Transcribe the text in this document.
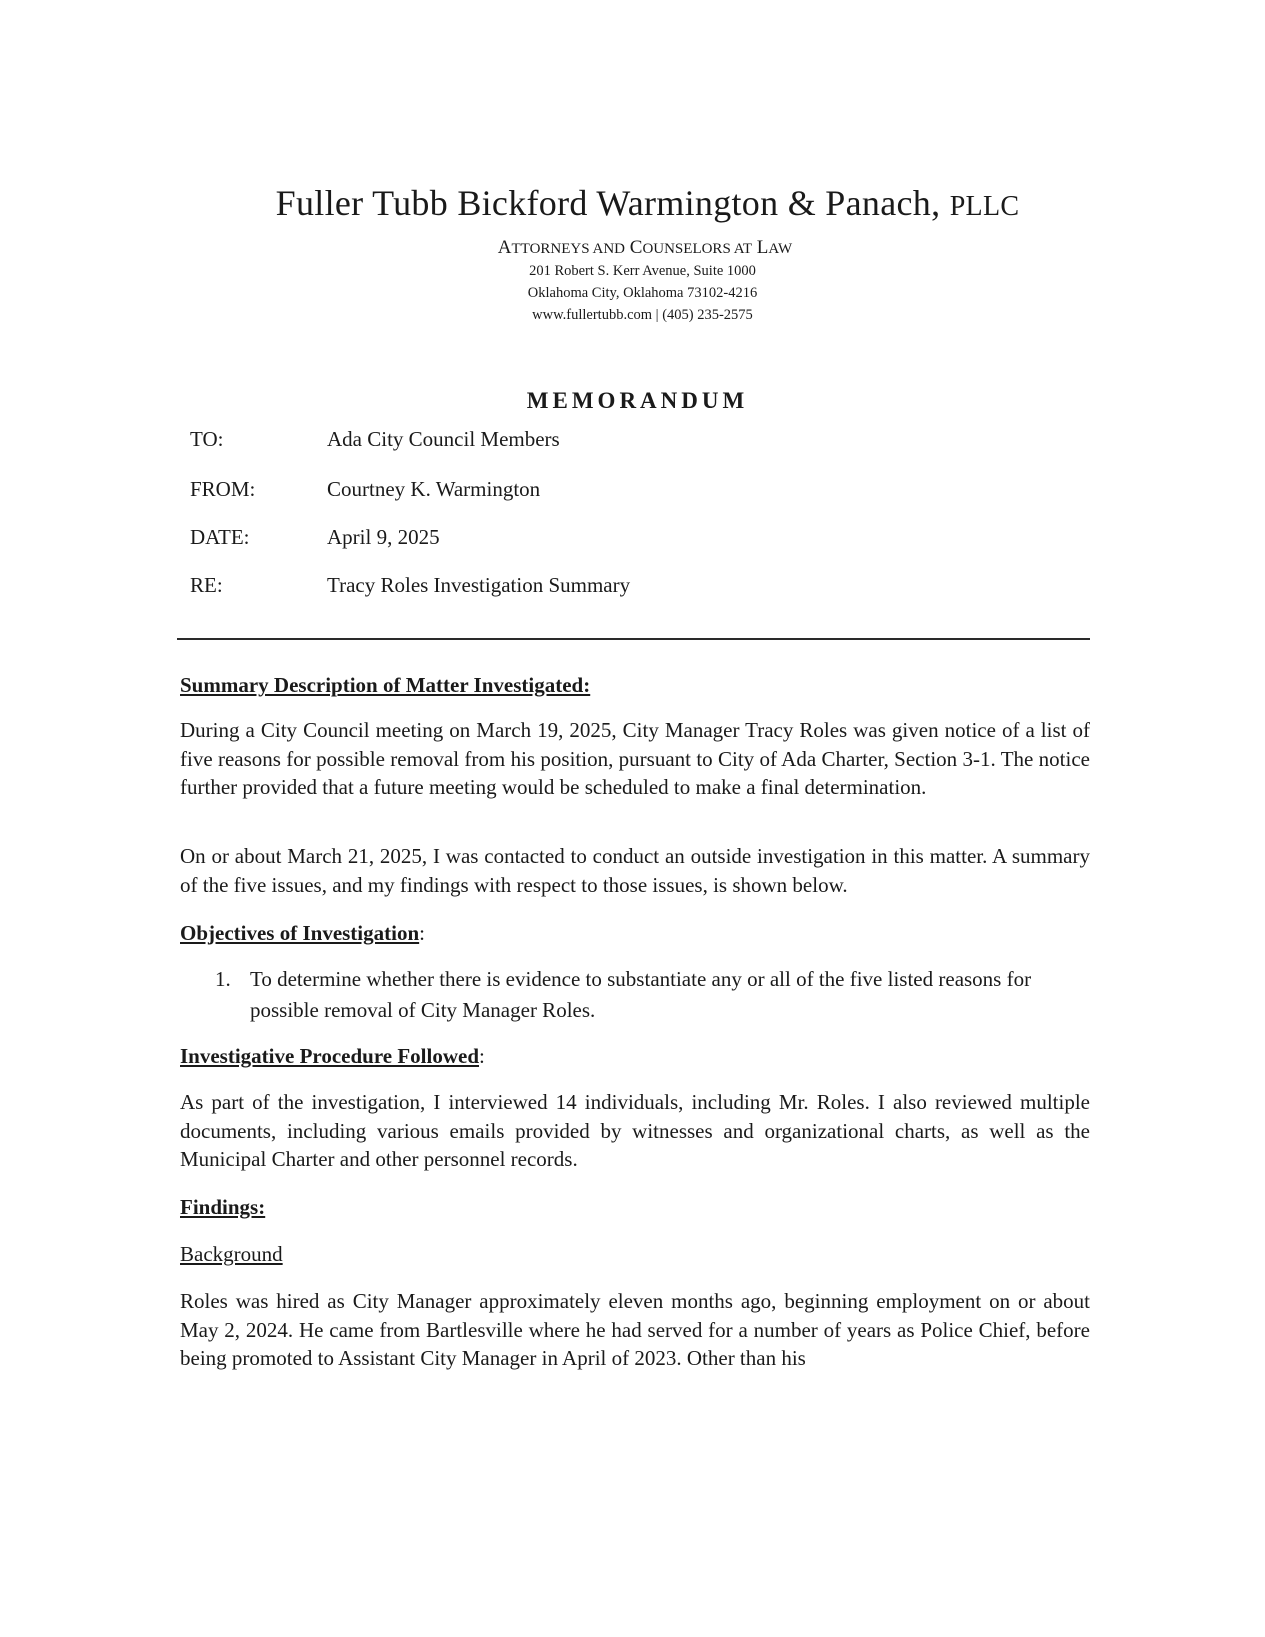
Fuller Tubb Bickford Warmington & Panach, PLLC
ATTORNEYS AND COUNSELORS AT LAW
201 Robert S. Kerr Avenue, Suite 1000
Oklahoma City, Oklahoma 73102-4216
www.fullertubb.com | (405) 235-2575
MEMORANDUM
TO:	Ada City Council Members
FROM:	Courtney K. Warmington
DATE:	April 9, 2025
RE:	Tracy Roles Investigation Summary
Summary Description of Matter Investigated:
During a City Council meeting on March 19, 2025, City Manager Tracy Roles was given notice of a list of five reasons for possible removal from his position, pursuant to City of Ada Charter, Section 3-1. The notice further provided that a future meeting would be scheduled to make a final determination.
On or about March 21, 2025, I was contacted to conduct an outside investigation in this matter. A summary of the five issues, and my findings with respect to those issues, is shown below.
Objectives of Investigation:
1. To determine whether there is evidence to substantiate any or all of the five listed reasons for possible removal of City Manager Roles.
Investigative Procedure Followed:
As part of the investigation, I interviewed 14 individuals, including Mr. Roles. I also reviewed multiple documents, including various emails provided by witnesses and organizational charts, as well as the Municipal Charter and other personnel records.
Findings:
Background
Roles was hired as City Manager approximately eleven months ago, beginning employment on or about May 2, 2024. He came from Bartlesville where he had served for a number of years as Police Chief, before being promoted to Assistant City Manager in April of 2023. Other than his
